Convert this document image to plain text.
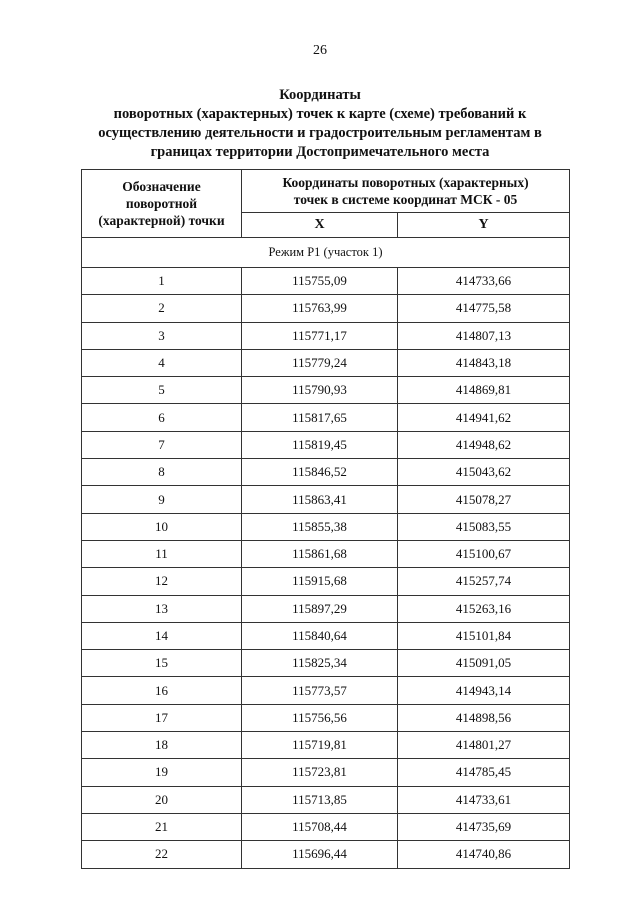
26
Координаты
поворотных (характерных) точек к карте (схеме) требований к
осуществлению деятельности и градостроительным регламентам в
границах территории Достопримечательного места
Обозначение поворотной (характерной) точки	Координаты поворотных (характерных) точек в системе координат МСК - 05	
	X	Y
Режим Р1 (участок 1)		
1	115755,09	414733,66
2	115763,99	414775,58
3	115771,17	414807,13
4	115779,24	414843,18
5	115790,93	414869,81
6	115817,65	414941,62
7	115819,45	414948,62
8	115846,52	415043,62
9	115863,41	415078,27
10	115855,38	415083,55
11	115861,68	415100,67
12	115915,68	415257,74
13	115897,29	415263,16
14	115840,64	415101,84
15	115825,34	415091,05
16	115773,57	414943,14
17	115756,56	414898,56
18	115719,81	414801,27
19	115723,81	414785,45
20	115713,85	414733,61
21	115708,44	414735,69
22	115696,44	414740,86
